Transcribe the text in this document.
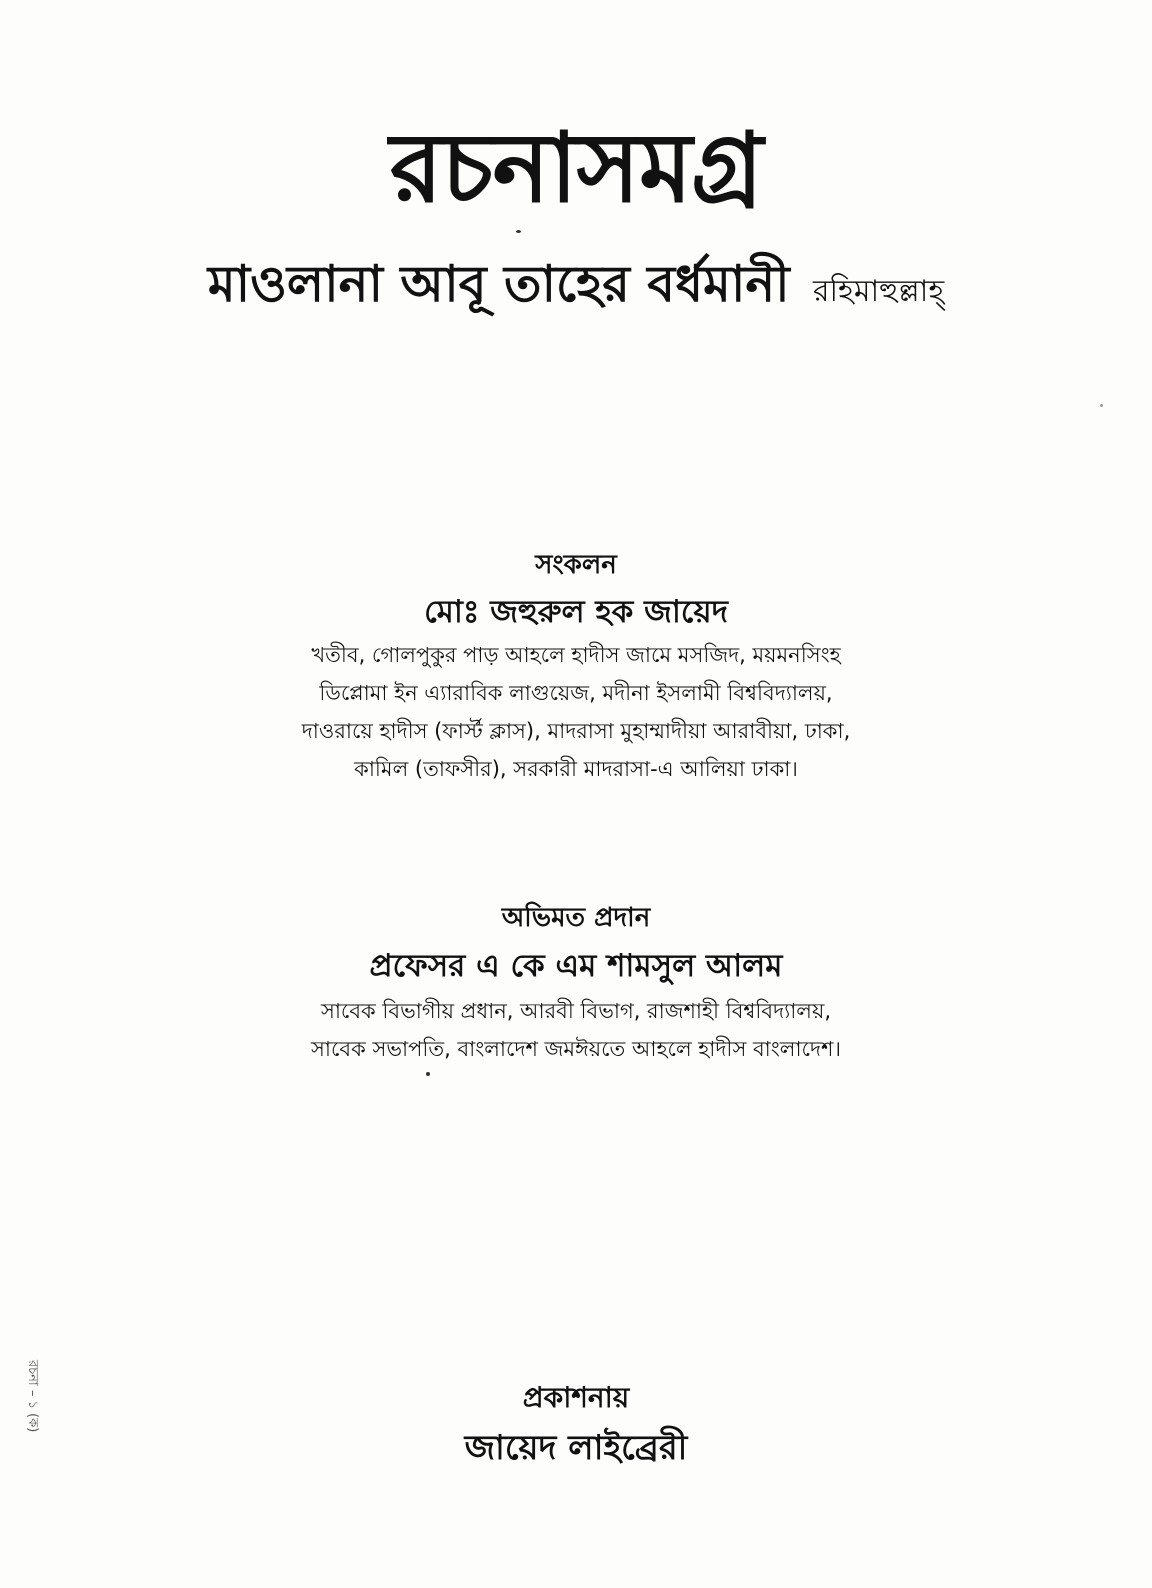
রচনাসমগ্র
মাওলানা আবূ তাহের বর্ধমানী রহিমাহুল্লাহ্
সংকলন
মোঃ জহুরুল হক জায়েদ
খতীব, গোলপুকুর পাড় আহলে হাদীস জামে মসজিদ, ময়মনসিংহ
ডিপ্লোমা ইন এ্যারাবিক লাগুয়েজ, মদীনা ইসলামী বিশ্ববিদ্যালয়,
দাওরায়ে হাদীস (ফার্স্ট ক্লাস), মাদরাসা মুহাম্মাদীয়া আরাবীয়া, ঢাকা,
কামিল (তাফসীর), সরকারী মাদরাসা-এ আলিয়া ঢাকা।
অভিমত প্রদান
প্রফেসর এ কে এম শামসুল আলম
সাবেক বিভাগীয় প্রধান, আরবী বিভাগ, রাজশাহী বিশ্ববিদ্যালয়,
সাবেক সভাপতি, বাংলাদেশ জমঈয়তে আহলে হাদীস বাংলাদেশ।
প্রকাশনায়
জায়েদ লাইব্রেরী
রচনা – ১ (ক)
